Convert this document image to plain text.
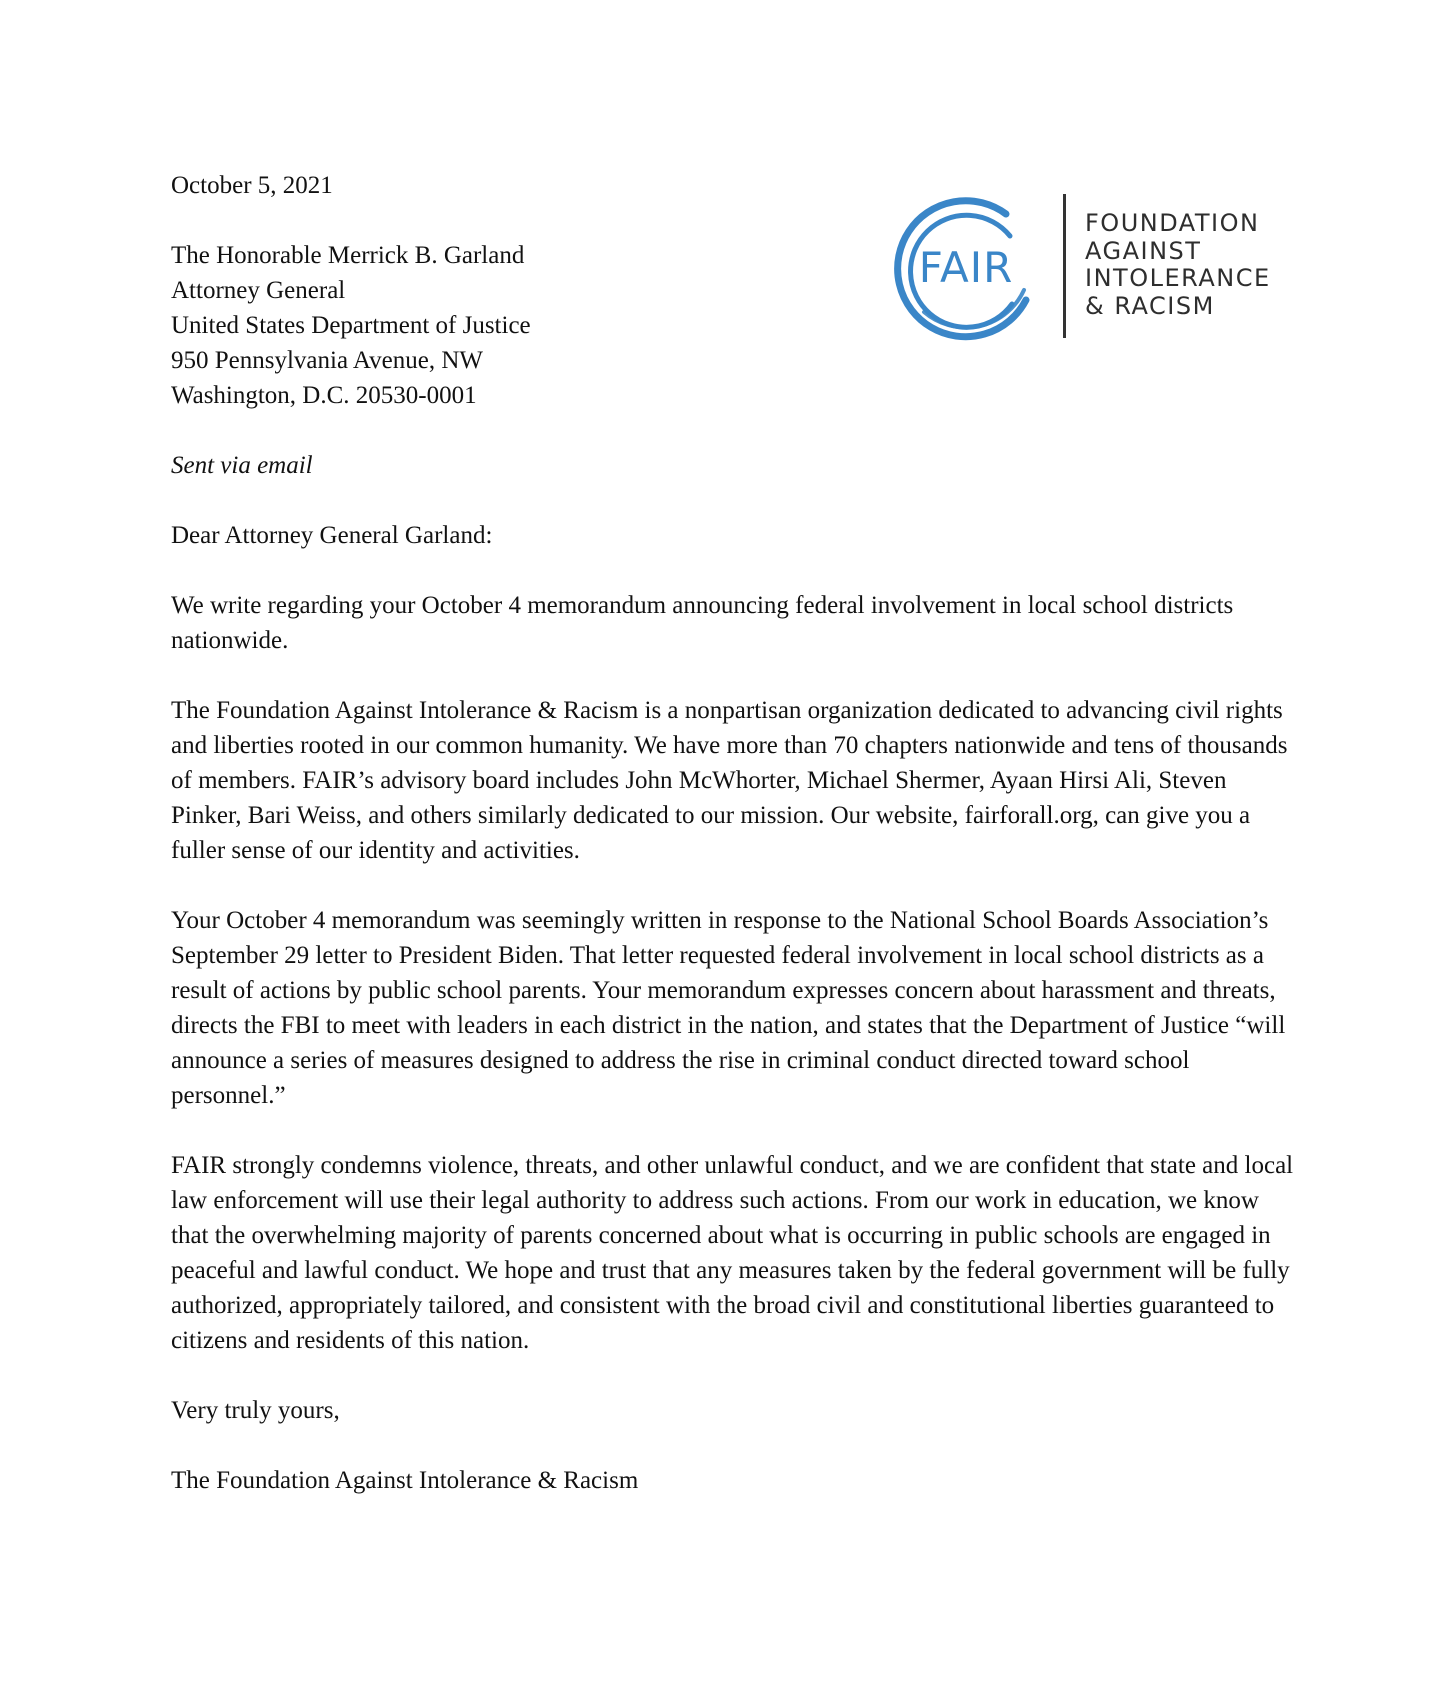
FAIR
FOUNDATION
AGAINST
INTOLERANCE
& RACISM

October 5, 2021

The Honorable Merrick B. Garland
Attorney General
United States Department of Justice
950 Pennsylvania Avenue, NW
Washington, D.C. 20530-0001

Sent via email

Dear Attorney General Garland:

We write regarding your October 4 memorandum announcing federal involvement in local school districts nationwide.

The Foundation Against Intolerance & Racism is a nonpartisan organization dedicated to advancing civil rights and liberties rooted in our common humanity. We have more than 70 chapters nationwide and tens of thousands of members. FAIR’s advisory board includes John McWhorter, Michael Shermer, Ayaan Hirsi Ali, Steven Pinker, Bari Weiss, and others similarly dedicated to our mission. Our website, fairforall.org, can give you a fuller sense of our identity and activities.

Your October 4 memorandum was seemingly written in response to the National School Boards Association’s September 29 letter to President Biden. That letter requested federal involvement in local school districts as a result of actions by public school parents. Your memorandum expresses concern about harassment and threats, directs the FBI to meet with leaders in each district in the nation, and states that the Department of Justice “will announce a series of measures designed to address the rise in criminal conduct directed toward school personnel.”

FAIR strongly condemns violence, threats, and other unlawful conduct, and we are confident that state and local law enforcement will use their legal authority to address such actions. From our work in education, we know that the overwhelming majority of parents concerned about what is occurring in public schools are engaged in peaceful and lawful conduct. We hope and trust that any measures taken by the federal government will be fully authorized, appropriately tailored, and consistent with the broad civil and constitutional liberties guaranteed to citizens and residents of this nation.

Very truly yours,

The Foundation Against Intolerance & Racism
